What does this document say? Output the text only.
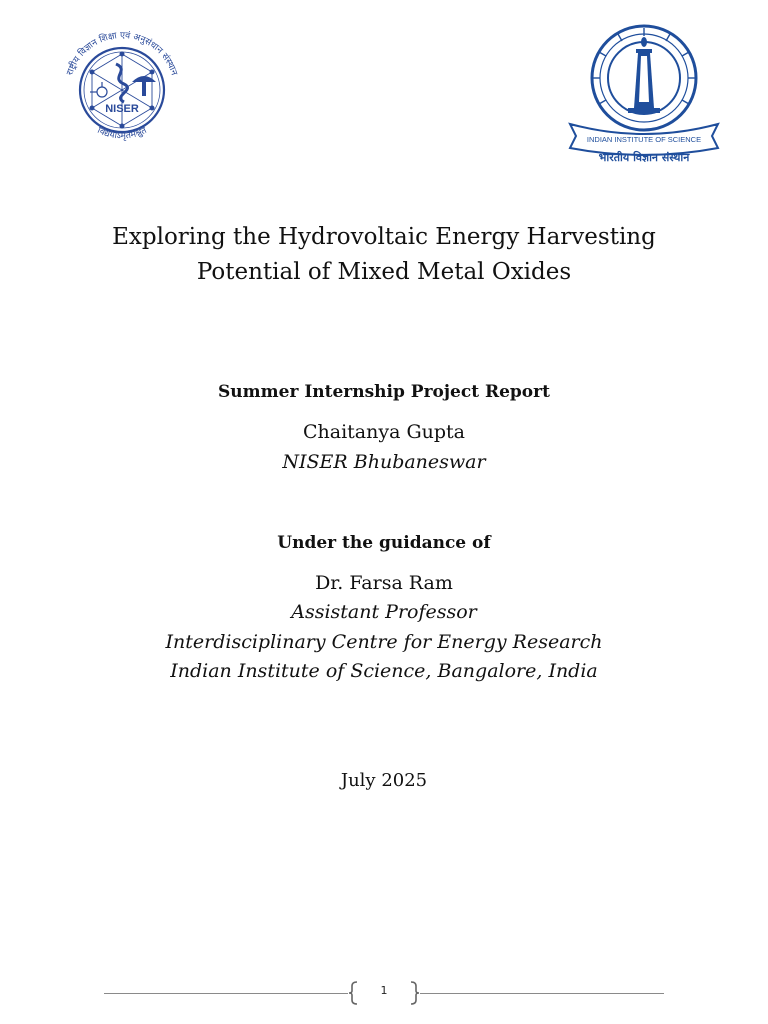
NISER
राष्ट्रीय विज्ञान शिक्षा एवं अनुसंधान संस्थान
विद्ययाऽमृतमश्नुते
INDIAN INSTITUTE OF SCIENCE
भारतीय विज्ञान संस्थान
Exploring the Hydrovoltaic Energy Harvesting
Potential of Mixed Metal Oxides
Summer Internship Project Report
Chaitanya Gupta
NISER Bhubaneswar
Under the guidance of
Dr. Farsa Ram
Assistant Professor
Interdisciplinary Centre for Energy Research
Indian Institute of Science, Bangalore, India
July 2025
1
